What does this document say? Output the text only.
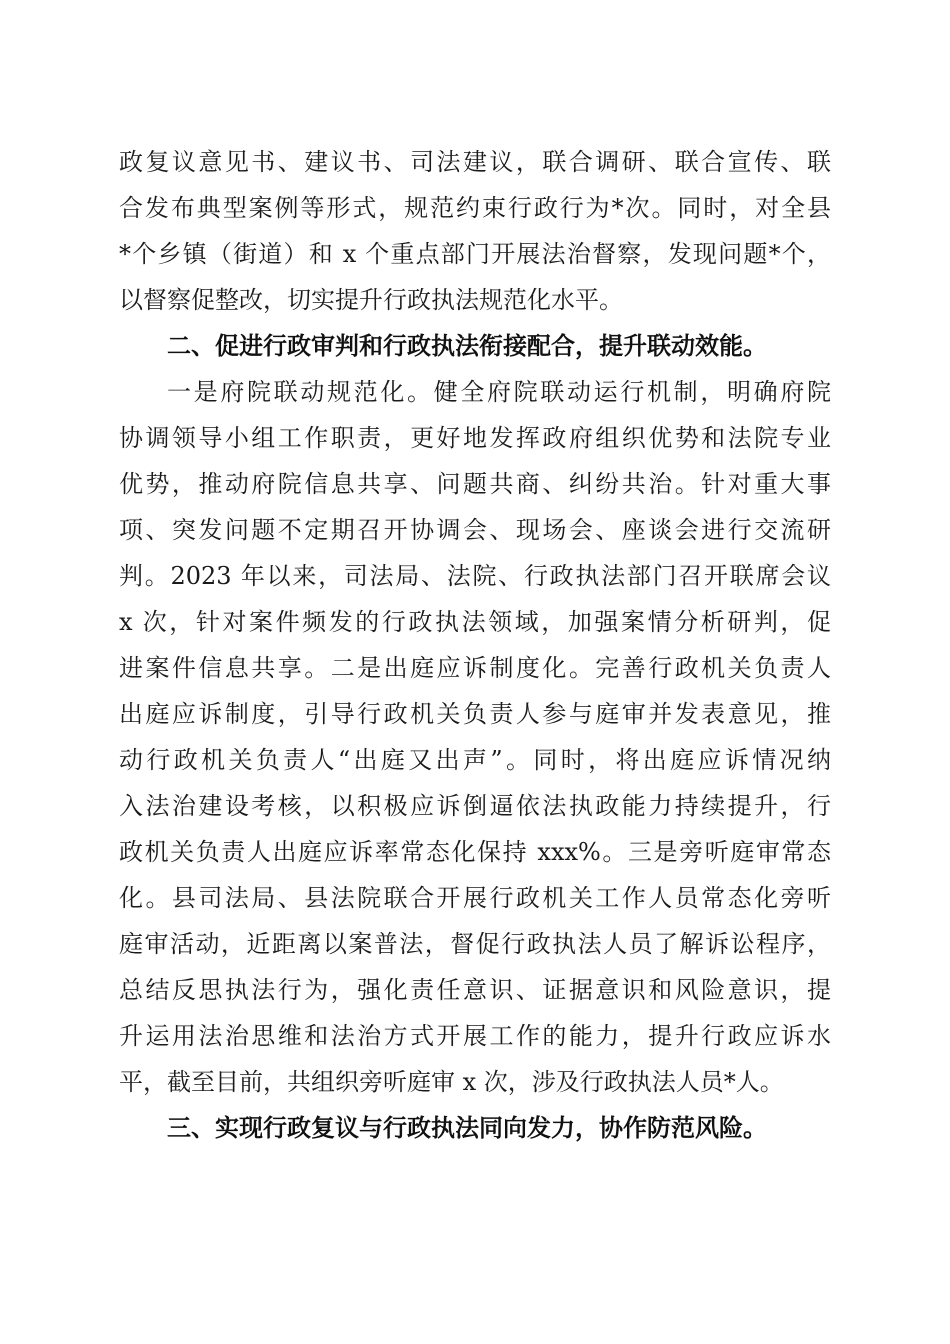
政复议意见书、建议书、司法建议，联合调研、联合宣传、联
合发布典型案例等形式，规范约束行政行为*次。同时，对全县
*个乡镇（街道）和 x 个重点部门开展法治督察，发现问题*个，
以督察促整改，切实提升行政执法规范化水平。
二、促进行政审判和行政执法衔接配合，提升联动效能。
一是府院联动规范化。健全府院联动运行机制，明确府院
协调领导小组工作职责，更好地发挥政府组织优势和法院专业
优势，推动府院信息共享、问题共商、纠纷共治。针对重大事
项、突发问题不定期召开协调会、现场会、座谈会进行交流研
判。2023 年以来，司法局、法院、行政执法部门召开联席会议
x 次，针对案件频发的行政执法领域，加强案情分析研判，促
进案件信息共享。二是出庭应诉制度化。完善行政机关负责人
出庭应诉制度，引导行政机关负责人参与庭审并发表意见，推
动行政机关负责人“出庭又出声”。同时，将出庭应诉情况纳
入法治建设考核，以积极应诉倒逼依法执政能力持续提升，行
政机关负责人出庭应诉率常态化保持 xxx%。三是旁听庭审常态
化。县司法局、县法院联合开展行政机关工作人员常态化旁听
庭审活动，近距离以案普法，督促行政执法人员了解诉讼程序，
总结反思执法行为，强化责任意识、证据意识和风险意识，提
升运用法治思维和法治方式开展工作的能力，提升行政应诉水
平，截至目前，共组织旁听庭审 x 次，涉及行政执法人员*人。
三、实现行政复议与行政执法同向发力，协作防范风险。
